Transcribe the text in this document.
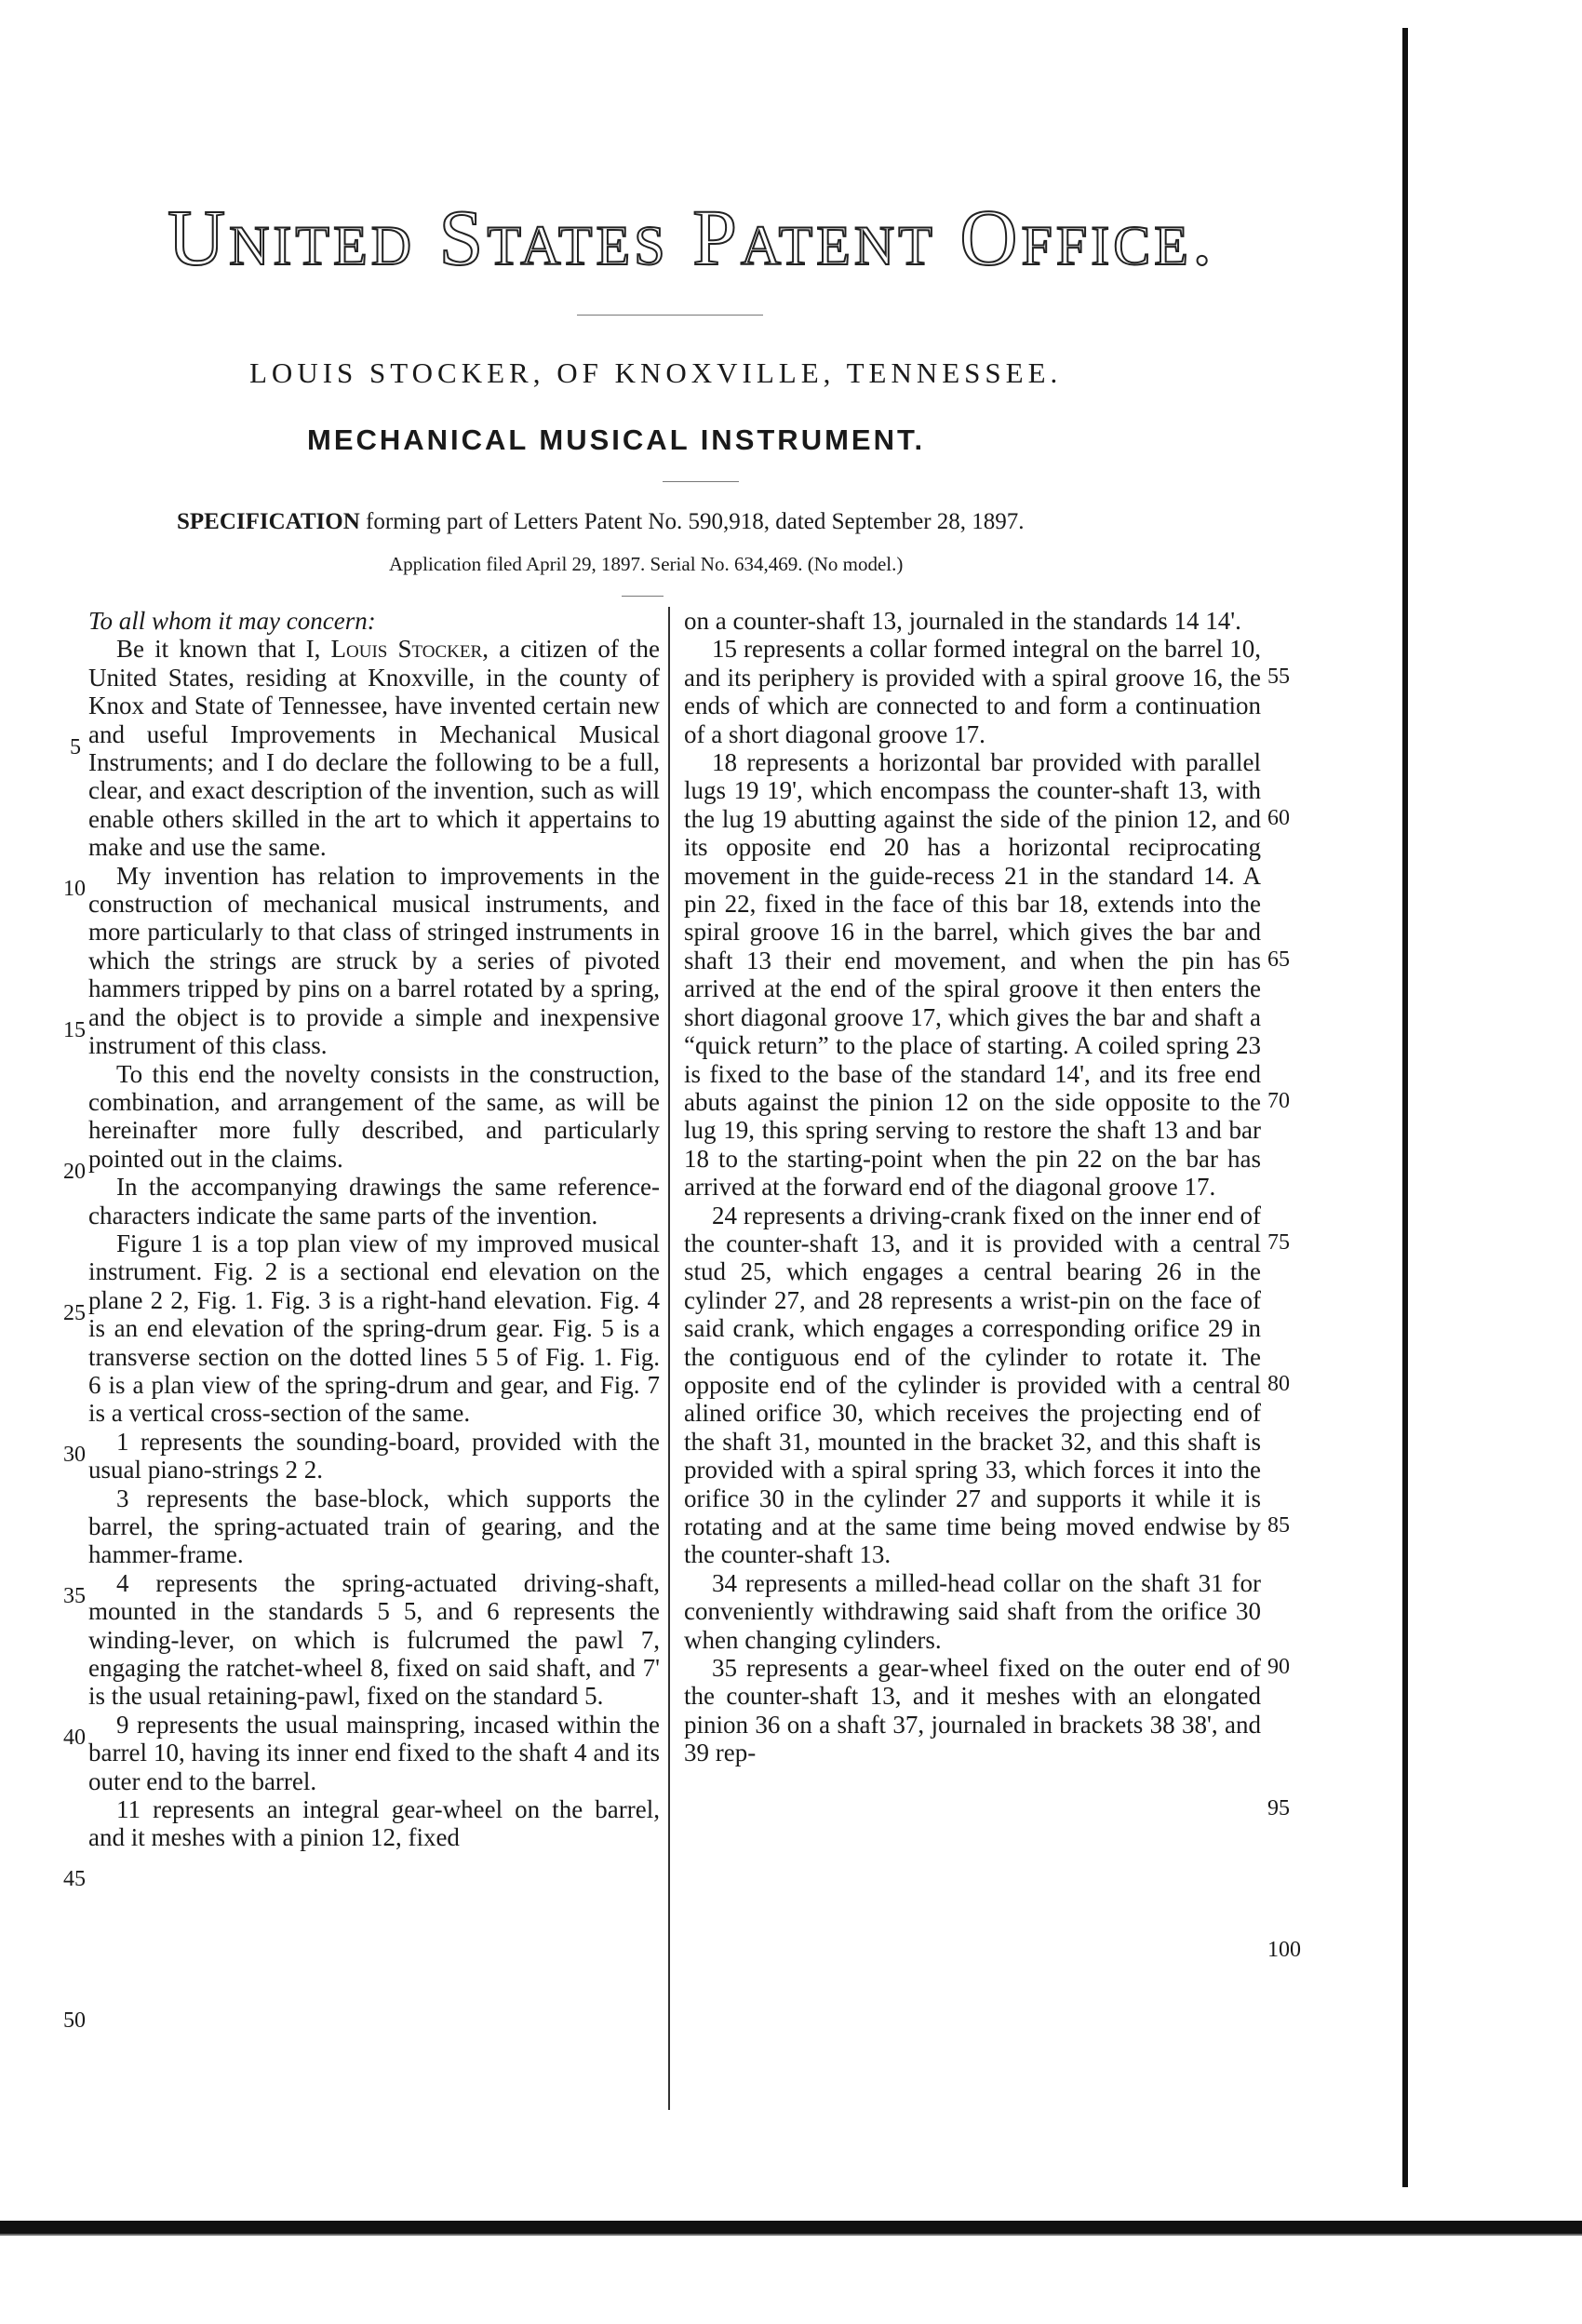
United States Patent Office.
LOUIS STOCKER, OF KNOXVILLE, TENNESSEE.
MECHANICAL MUSICAL INSTRUMENT.
SPECIFICATION forming part of Letters Patent No. 590,918, dated September 28, 1897.
Application filed April 29, 1897. Serial No. 634,469. (No model.)

To all whom it may concern:

Be it known that I, Louis Stocker, a citizen of the United States, residing at Knoxville, in the county of Knox and State of Tennessee, have invented certain new and useful Improvements in Mechanical Musical Instruments; and I do declare the following to be a full, clear, and exact description of the invention, such as will enable others skilled in the art to which it appertains to make and use the same.

My invention has relation to improvements in the construction of mechanical musical instruments, and more particularly to that class of stringed instruments in which the strings are struck by a series of pivoted hammers tripped by pins on a barrel rotated by a spring, and the object is to provide a simple and inexpensive instrument of this class.

To this end the novelty consists in the construction, combination, and arrangement of the same, as will be hereinafter more fully described, and particularly pointed out in the claims.

In the accompanying drawings the same reference-characters indicate the same parts of the invention.

Figure 1 is a top plan view of my improved musical instrument. Fig. 2 is a sectional end elevation on the plane 2 2, Fig. 1. Fig. 3 is a right-hand elevation. Fig. 4 is an end elevation of the spring-drum gear. Fig. 5 is a transverse section on the dotted lines 5 5 of Fig. 1. Fig. 6 is a plan view of the spring-drum and gear, and Fig. 7 is a vertical cross-section of the same.

1 represents the sounding-board, provided with the usual piano-strings 2 2.

3 represents the base-block, which supports the barrel, the spring-actuated train of gearing, and the hammer-frame.

4 represents the spring-actuated driving-shaft, mounted in the standards 5 5, and 6 represents the winding-lever, on which is fulcrumed the pawl 7, engaging the ratchet-wheel 8, fixed on said shaft, and 7' is the usual retaining-pawl, fixed on the standard 5.

9 represents the usual mainspring, incased within the barrel 10, having its inner end fixed to the shaft 4 and its outer end to the barrel.

11 represents an integral gear-wheel on the barrel, and it meshes with a pinion 12, fixed

on a counter-shaft 13, journaled in the standards 14 14'.

15 represents a collar formed integral on the barrel 10, and its periphery is provided with a spiral groove 16, the ends of which are connected to and form a continuation of a short diagonal groove 17.

18 represents a horizontal bar provided with parallel lugs 19 19', which encompass the counter-shaft 13, with the lug 19 abutting against the side of the pinion 12, and its opposite end 20 has a horizontal reciprocating movement in the guide-recess 21 in the standard 14. A pin 22, fixed in the face of this bar 18, extends into the spiral groove 16 in the barrel, which gives the bar and shaft 13 their end movement, and when the pin has arrived at the end of the spiral groove it then enters the short diagonal groove 17, which gives the bar and shaft a “quick return” to the place of starting. A coiled spring 23 is fixed to the base of the standard 14', and its free end abuts against the pinion 12 on the side opposite to the lug 19, this spring serving to restore the shaft 13 and bar 18 to the starting-point when the pin 22 on the bar has arrived at the forward end of the diagonal groove 17.

24 represents a driving-crank fixed on the inner end of the counter-shaft 13, and it is provided with a central stud 25, which engages a central bearing 26 in the cylinder 27, and 28 represents a wrist-pin on the face of said crank, which engages a corresponding orifice 29 in the contiguous end of the cylinder to rotate it. The opposite end of the cylinder is provided with a central alined orifice 30, which receives the projecting end of the shaft 31, mounted in the bracket 32, and this shaft is provided with a spiral spring 33, which forces it into the orifice 30 in the cylinder 27 and supports it while it is rotating and at the same time being moved endwise by the counter-shaft 13.

34 represents a milled-head collar on the shaft 31 for conveniently withdrawing said shaft from the orifice 30 when changing cylinders.

35 represents a gear-wheel fixed on the outer end of the counter-shaft 13, and it meshes with an elongated pinion 36 on a shaft 37, journaled in brackets 38 38', and 39 rep-

5
10
15
20
25
30
35
40
45
50
55
60
65
70
75
80
85
90
95
100
